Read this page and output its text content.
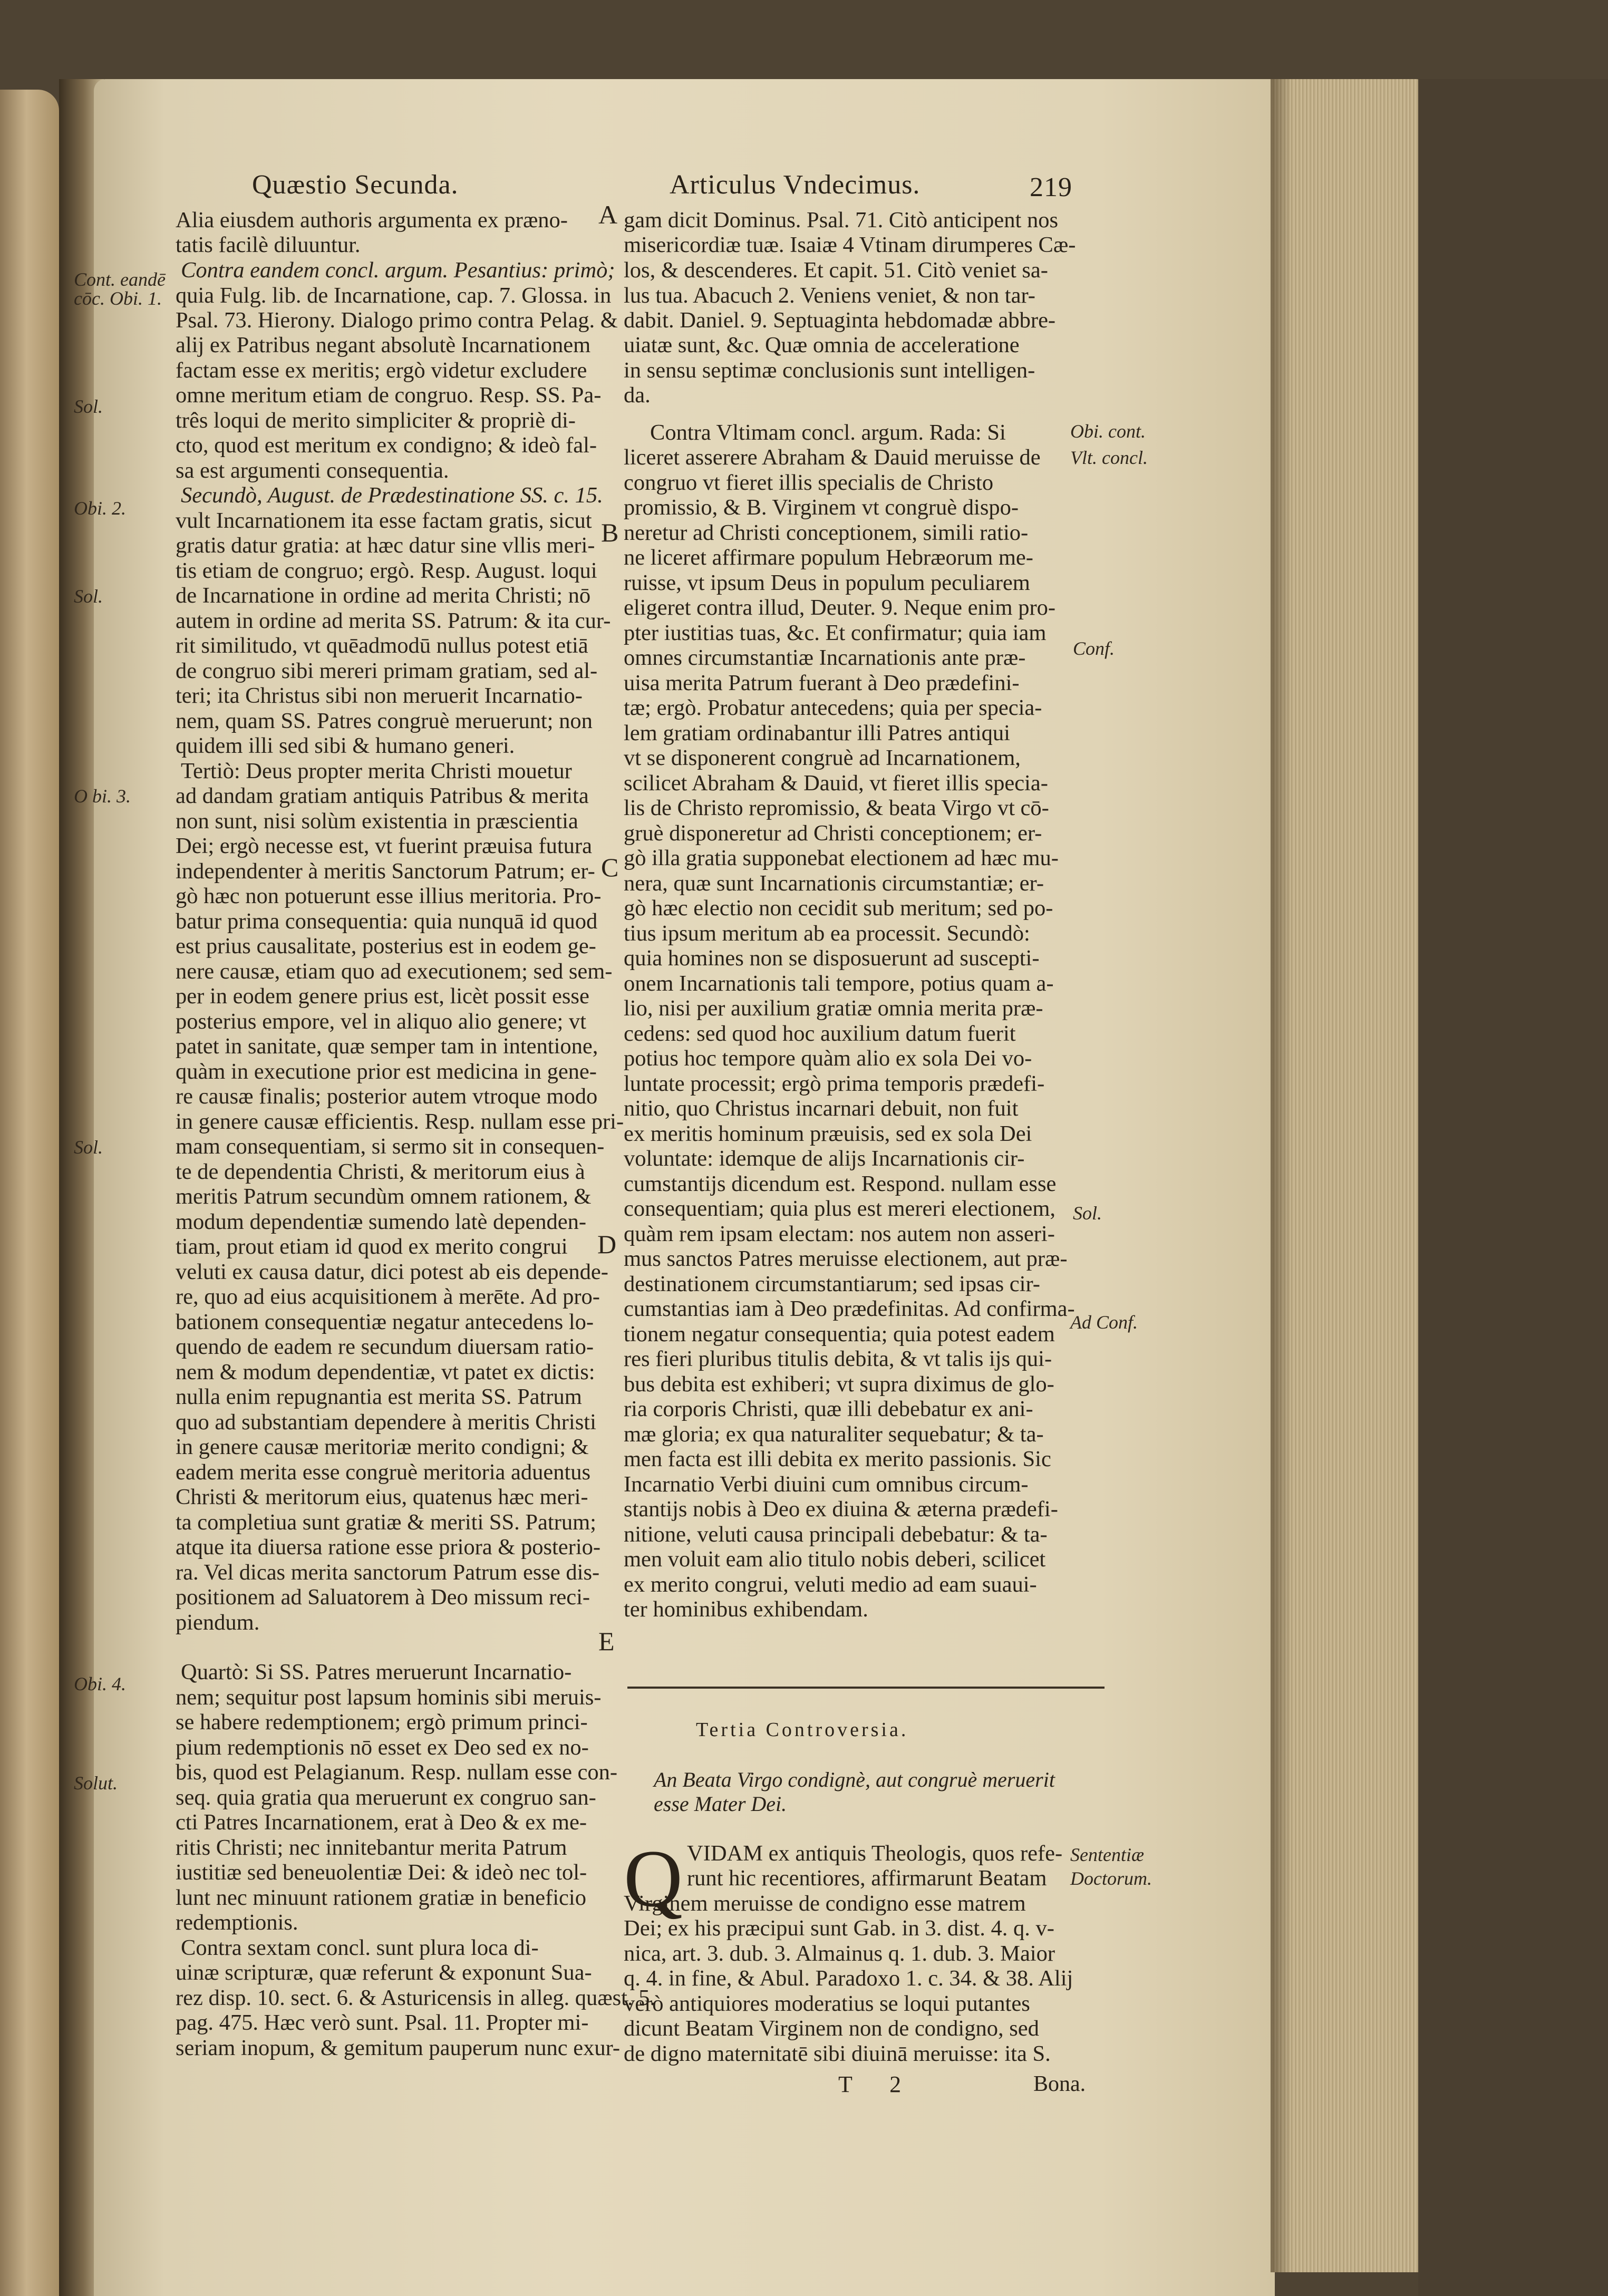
Quæstio Secunda.	Articulus Vndecimus.	219
A
B
C
D
E
Cont. eandē
cōc. Obi. 1.
Sol.
Obi. 2.
Sol.
O bi. 3.
Sol.
Obi. 4.
Solut.
Obi. cont.
Vlt. concl.
Conf.
Sol.
Ad Conf.
Sententiæ
Doctorum.
Alia eiusdem authoris argumenta ex præno-
tatis facilè diluuntur.
Contra eandem concl. argum. Pesantius: primò;
quia Fulg. lib. de Incarnatione, cap. 7. Glossa. in
Psal. 73. Hierony. Dialogo primo contra Pelag. &
alij ex Patribus negant absolutè Incarnationem
factam esse ex meritis; ergò videtur excludere
omne meritum etiam de congruo. Resp. SS. Pa-
três loqui de merito simpliciter & propriè di-
cto, quod est meritum ex condigno; & ideò fal-
sa est argumenti consequentia.
Secundò, August. de Prædestinatione SS. c. 15.
vult Incarnationem ita esse factam gratis, sicut
gratis datur gratia: at hæc datur sine vllis meri-
tis etiam de congruo; ergò. Resp. August. loqui
de Incarnatione in ordine ad merita Christi; nō
autem in ordine ad merita SS. Patrum: & ita cur-
rit similitudo, vt quēadmodū nullus potest etiā
de congruo sibi mereri primam gratiam, sed al-
teri; ita Christus sibi non meruerit Incarnatio-
nem, quam SS. Patres congruè meruerunt; non
quidem illi sed sibi & humano generi.
Tertiò: Deus propter merita Christi mouetur
ad dandam gratiam antiquis Patribus & merita
non sunt, nisi solùm existentia in præscientia
Dei; ergò necesse est, vt fuerint præuisa futura
independenter à meritis Sanctorum Patrum; er-
gò hæc non potuerunt esse illius meritoria. Pro-
batur prima consequentia: quia nunquā id quod
est prius causalitate, posterius est in eodem ge-
nere causæ, etiam quo ad executionem; sed sem-
per in eodem genere prius est, licèt possit esse
posterius empore, vel in aliquo alio genere; vt
patet in sanitate, quæ semper tam in intentione,
quàm in executione prior est medicina in gene-
re causæ finalis; posterior autem vtroque modo
in genere causæ efficientis. Resp. nullam esse pri-
mam consequentiam, si sermo sit in consequen-
te de dependentia Christi, & meritorum eius à
meritis Patrum secundùm omnem rationem, &
modum dependentiæ sumendo latè dependen-
tiam, prout etiam id quod ex merito congrui
veluti ex causa datur, dici potest ab eis depende-
re, quo ad eius acquisitionem à merēte. Ad pro-
bationem consequentiæ negatur antecedens lo-
quendo de eadem re secundum diuersam ratio-
nem & modum dependentiæ, vt patet ex dictis:
nulla enim repugnantia est merita SS. Patrum
quo ad substantiam dependere à meritis Christi
in genere causæ meritoriæ merito condigni; &
eadem merita esse congruè meritoria aduentus
Christi & meritorum eius, quatenus hæc meri-
ta completiua sunt gratiæ & meriti SS. Patrum;
atque ita diuersa ratione esse priora & posterio-
ra. Vel dicas merita sanctorum Patrum esse dis-
positionem ad Saluatorem à Deo missum reci-
piendum.
Quartò: Si SS. Patres meruerunt Incarnatio-
nem; sequitur post lapsum hominis sibi meruis-
se habere redemptionem; ergò primum princi-
pium redemptionis nō esset ex Deo sed ex no-
bis, quod est Pelagianum. Resp. nullam esse con-
seq. quia gratia qua meruerunt ex congruo san-
cti Patres Incarnationem, erat à Deo & ex me-
ritis Christi; nec innitebantur merita Patrum
iustitiæ sed beneuolentiæ Dei: & ideò nec tol-
lunt nec minuunt rationem gratiæ in beneficio
redemptionis.
Contra sextam concl. sunt plura loca di-
uinæ scripturæ, quæ referunt & exponunt Sua-
rez disp. 10. sect. 6. & Asturicensis in alleg. quæst. 5.
pag. 475. Hæc verò sunt. Psal. 11. Propter mi-
seriam inopum, & gemitum pauperum nunc exur-
gam dicit Dominus. Psal. 71. Citò anticipent nos
misericordiæ tuæ. Isaiæ 4 Vtinam dirumperes Cæ-
los, & descenderes. Et capit. 51. Citò veniet sa-
lus tua. Abacuch 2. Veniens veniet, & non tar-
dabit. Daniel. 9. Septuaginta hebdomadæ abbre-
uiatæ sunt, &c. Quæ omnia de acceleratione
in sensu septimæ conclusionis sunt intelligen-
da.
Contra Vltimam concl. argum. Rada: Si
liceret asserere Abraham & Dauid meruisse de
congruo vt fieret illis specialis de Christo
promissio, & B. Virginem vt congruè dispo-
neretur ad Christi conceptionem, simili ratio-
ne liceret affirmare populum Hebræorum me-
ruisse, vt ipsum Deus in populum peculiarem
eligeret contra illud, Deuter. 9. Neque enim pro-
pter iustitias tuas, &c. Et confirmatur; quia iam
omnes circumstantiæ Incarnationis ante præ-
uisa merita Patrum fuerant à Deo prædefini-
tæ; ergò. Probatur antecedens; quia per specia-
lem gratiam ordinabantur illi Patres antiqui
vt se disponerent congruè ad Incarnationem,
scilicet Abraham & Dauid, vt fieret illis specia-
lis de Christo repromissio, & beata Virgo vt cō-
gruè disponeretur ad Christi conceptionem; er-
gò illa gratia supponebat electionem ad hæc mu-
nera, quæ sunt Incarnationis circumstantiæ; er-
gò hæc electio non cecidit sub meritum; sed po-
tius ipsum meritum ab ea processit. Secundò:
quia homines non se disposuerunt ad suscepti-
onem Incarnationis tali tempore, potius quam a-
lio, nisi per auxilium gratiæ omnia merita præ-
cedens: sed quod hoc auxilium datum fuerit
potius hoc tempore quàm alio ex sola Dei vo-
luntate processit; ergò prima temporis prædefi-
nitio, quo Christus incarnari debuit, non fuit
ex meritis hominum præuisis, sed ex sola Dei
voluntate: idemque de alijs Incarnationis cir-
cumstantijs dicendum est. Respond. nullam esse
consequentiam; quia plus est mereri electionem,
quàm rem ipsam electam: nos autem non asseri-
mus sanctos Patres meruisse electionem, aut præ-
destinationem circumstantiarum; sed ipsas cir-
cumstantias iam à Deo prædefinitas. Ad confirma-
tionem negatur consequentia; quia potest eadem
res fieri pluribus titulis debita, & vt talis ijs qui-
bus debita est exhiberi; vt supra diximus de glo-
ria corporis Christi, quæ illi debebatur ex ani-
mæ gloria; ex qua naturaliter sequebatur; & ta-
men facta est illi debita ex merito passionis. Sic
Incarnatio Verbi diuini cum omnibus circum-
stantijs nobis à Deo ex diuina & æterna prædefi-
nitione, veluti causa principali debebatur: & ta-
men voluit eam alio titulo nobis deberi, scilicet
ex merito congrui, veluti medio ad eam suaui-
ter hominibus exhibendam.
Tertia Controversia.
An Beata Virgo condignè, aut congruè meruerit
esse Mater Dei.
Q VIDAM ex antiquis Theologis, quos refe-
runt hic recentiores, affirmarunt Beatam
Virginem meruisse de condigno esse matrem
Dei; ex his præcipui sunt Gab. in 3. dist. 4. q. v-
nica, art. 3. dub. 3. Almainus q. 1. dub. 3. Maior
q. 4. in fine, & Abul. Paradoxo 1. c. 34. & 38. Alij
verò antiquiores moderatius se loqui putantes
dicunt Beatam Virginem non de condigno, sed
de digno maternitatē sibi diuinā meruisse: ita S.
T 2	Bona.
